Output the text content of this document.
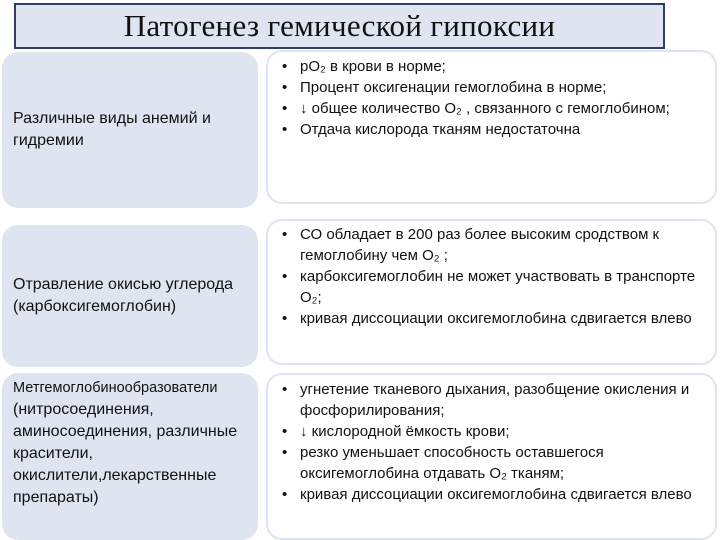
Патогенез гемической гипоксии
Различные виды анемий и гидремии
• рО₂ в крови в норме;
• Процент оксигенации гемоглобина в норме;
• ↓ общее количество О₂ , связанного с гемоглобином;
• Отдача кислорода тканям недостаточна
Отравление окисью углерода (карбоксигемоглобин)
• СО обладает в 200 раз более высоким сродством к гемоглобину чем О₂ ;
• карбоксигемоглобин не может участвовать в транспорте О₂;
• кривая диссоциации оксигемоглобина сдвигается влево
Метгемоглобинообразователи (нитросоединения, аминосоединения, различные красители, окислители,лекарственные препараты)
• угнетение тканевого дыхания, разобщение окисления и фосфорилирования;
• ↓ кислородной ёмкость крови;
• резко уменьшает способность оставшегося оксигемоглобина отдавать О₂ тканям;
• кривая диссоциации оксигемоглобина сдвигается влево
